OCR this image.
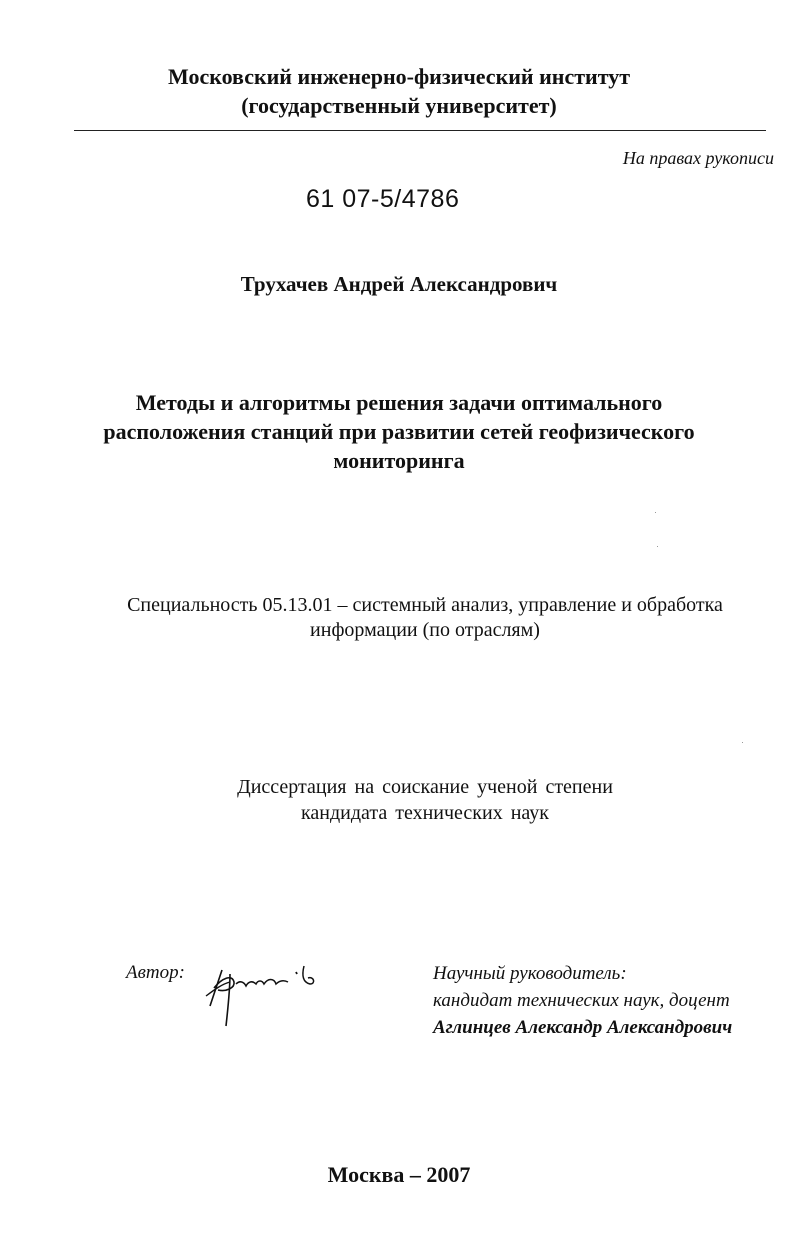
Московский инженерно-физический институт
(государственный университет)
На правах рукописи
61 07-5/4786
Трухачев Андрей Александрович
Методы и алгоритмы решения задачи оптимального
расположения станций при развитии сетей геофизического
мониторинга
Специальность 05.13.01 – системный анализ, управление и обработка
информации (по отраслям)
Диссертация на соискание ученой степени
кандидата технических наук
Автор:	Научный руководитель:
кандидат технических наук, доцент
Аглинцев Александр Александрович
Москва – 2007
